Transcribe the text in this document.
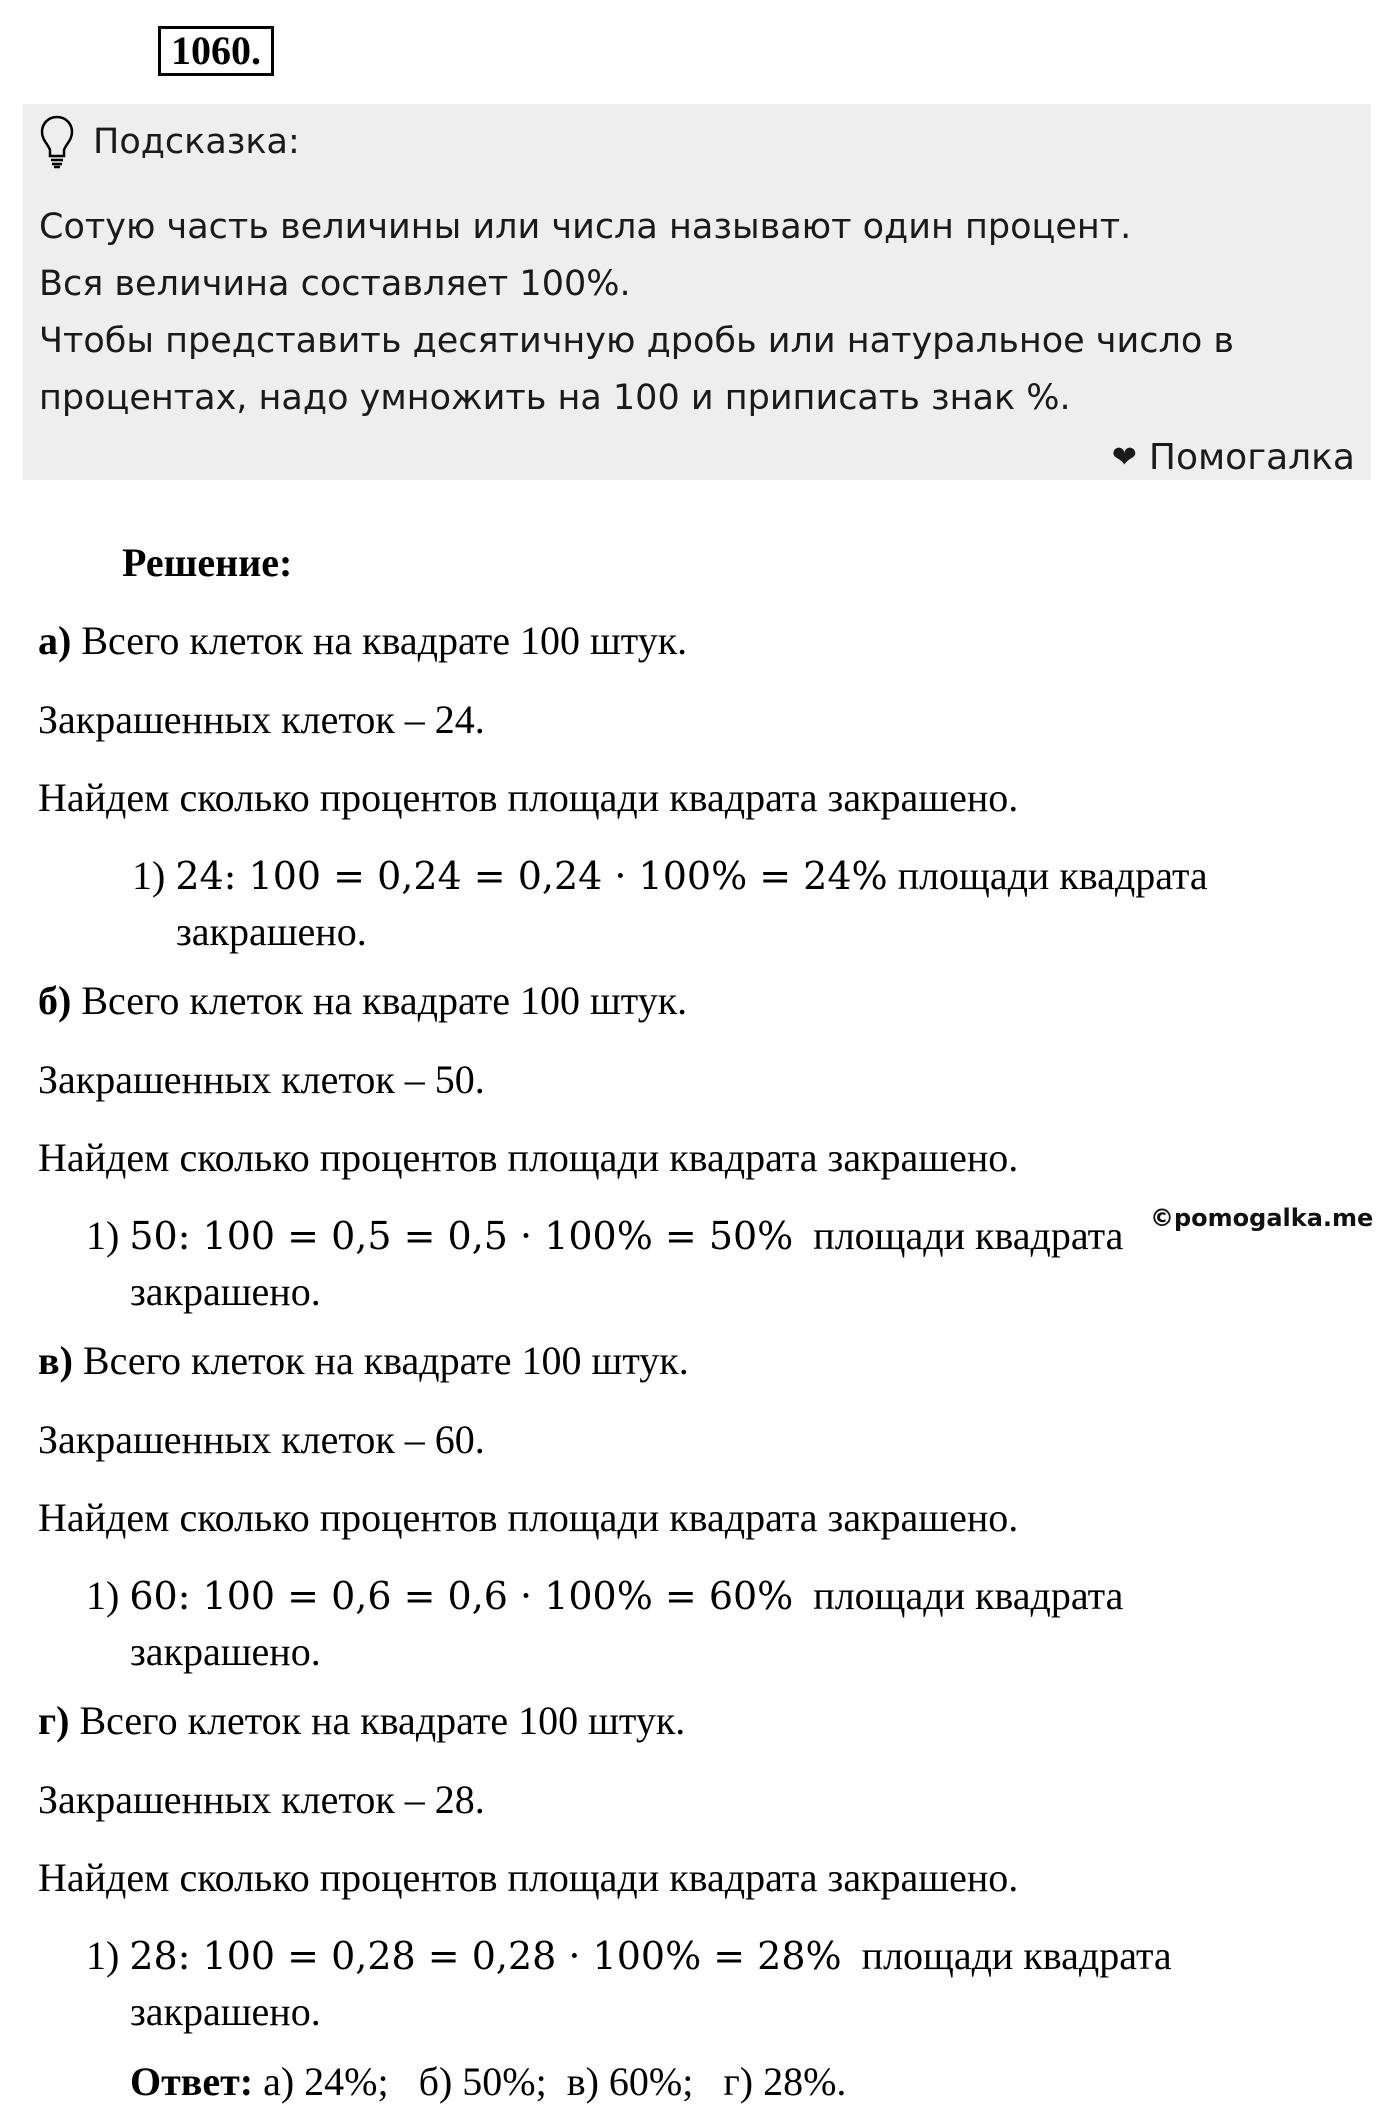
1060.
Подсказка:
Сотую часть величины или числа называют один процент.
Вся величина составляет 100%.
Чтобы представить десятичную дробь или натуральное число в
процентах, надо умножить на 100 и приписать знак %.
❤ Помогалка
Решение:
а) Всего клеток на квадрате 100 штук.
Закрашенных клеток – 24.
Найдем сколько процентов площади квадрата закрашено.
1) 24: 100 = 0,24 = 0,24 · 100% = 24% площади квадрата
закрашено.
б) Всего клеток на квадрате 100 штук.
Закрашенных клеток – 50.
Найдем сколько процентов площади квадрата закрашено.
1) 50: 100 = 0,5 = 0,5 · 100% = 50% площади квадрата
закрашено.
в) Всего клеток на квадрате 100 штук.
Закрашенных клеток – 60.
Найдем сколько процентов площади квадрата закрашено.
1) 60: 100 = 0,6 = 0,6 · 100% = 60% площади квадрата
закрашено.
г) Всего клеток на квадрате 100 штук.
Закрашенных клеток – 28.
Найдем сколько процентов площади квадрата закрашено.
1) 28: 100 = 0,28 = 0,28 · 100% = 28% площади квадрата
закрашено.
Ответ: а) 24%; б) 50%; в) 60%; г) 28%.
©pomogalka.me
